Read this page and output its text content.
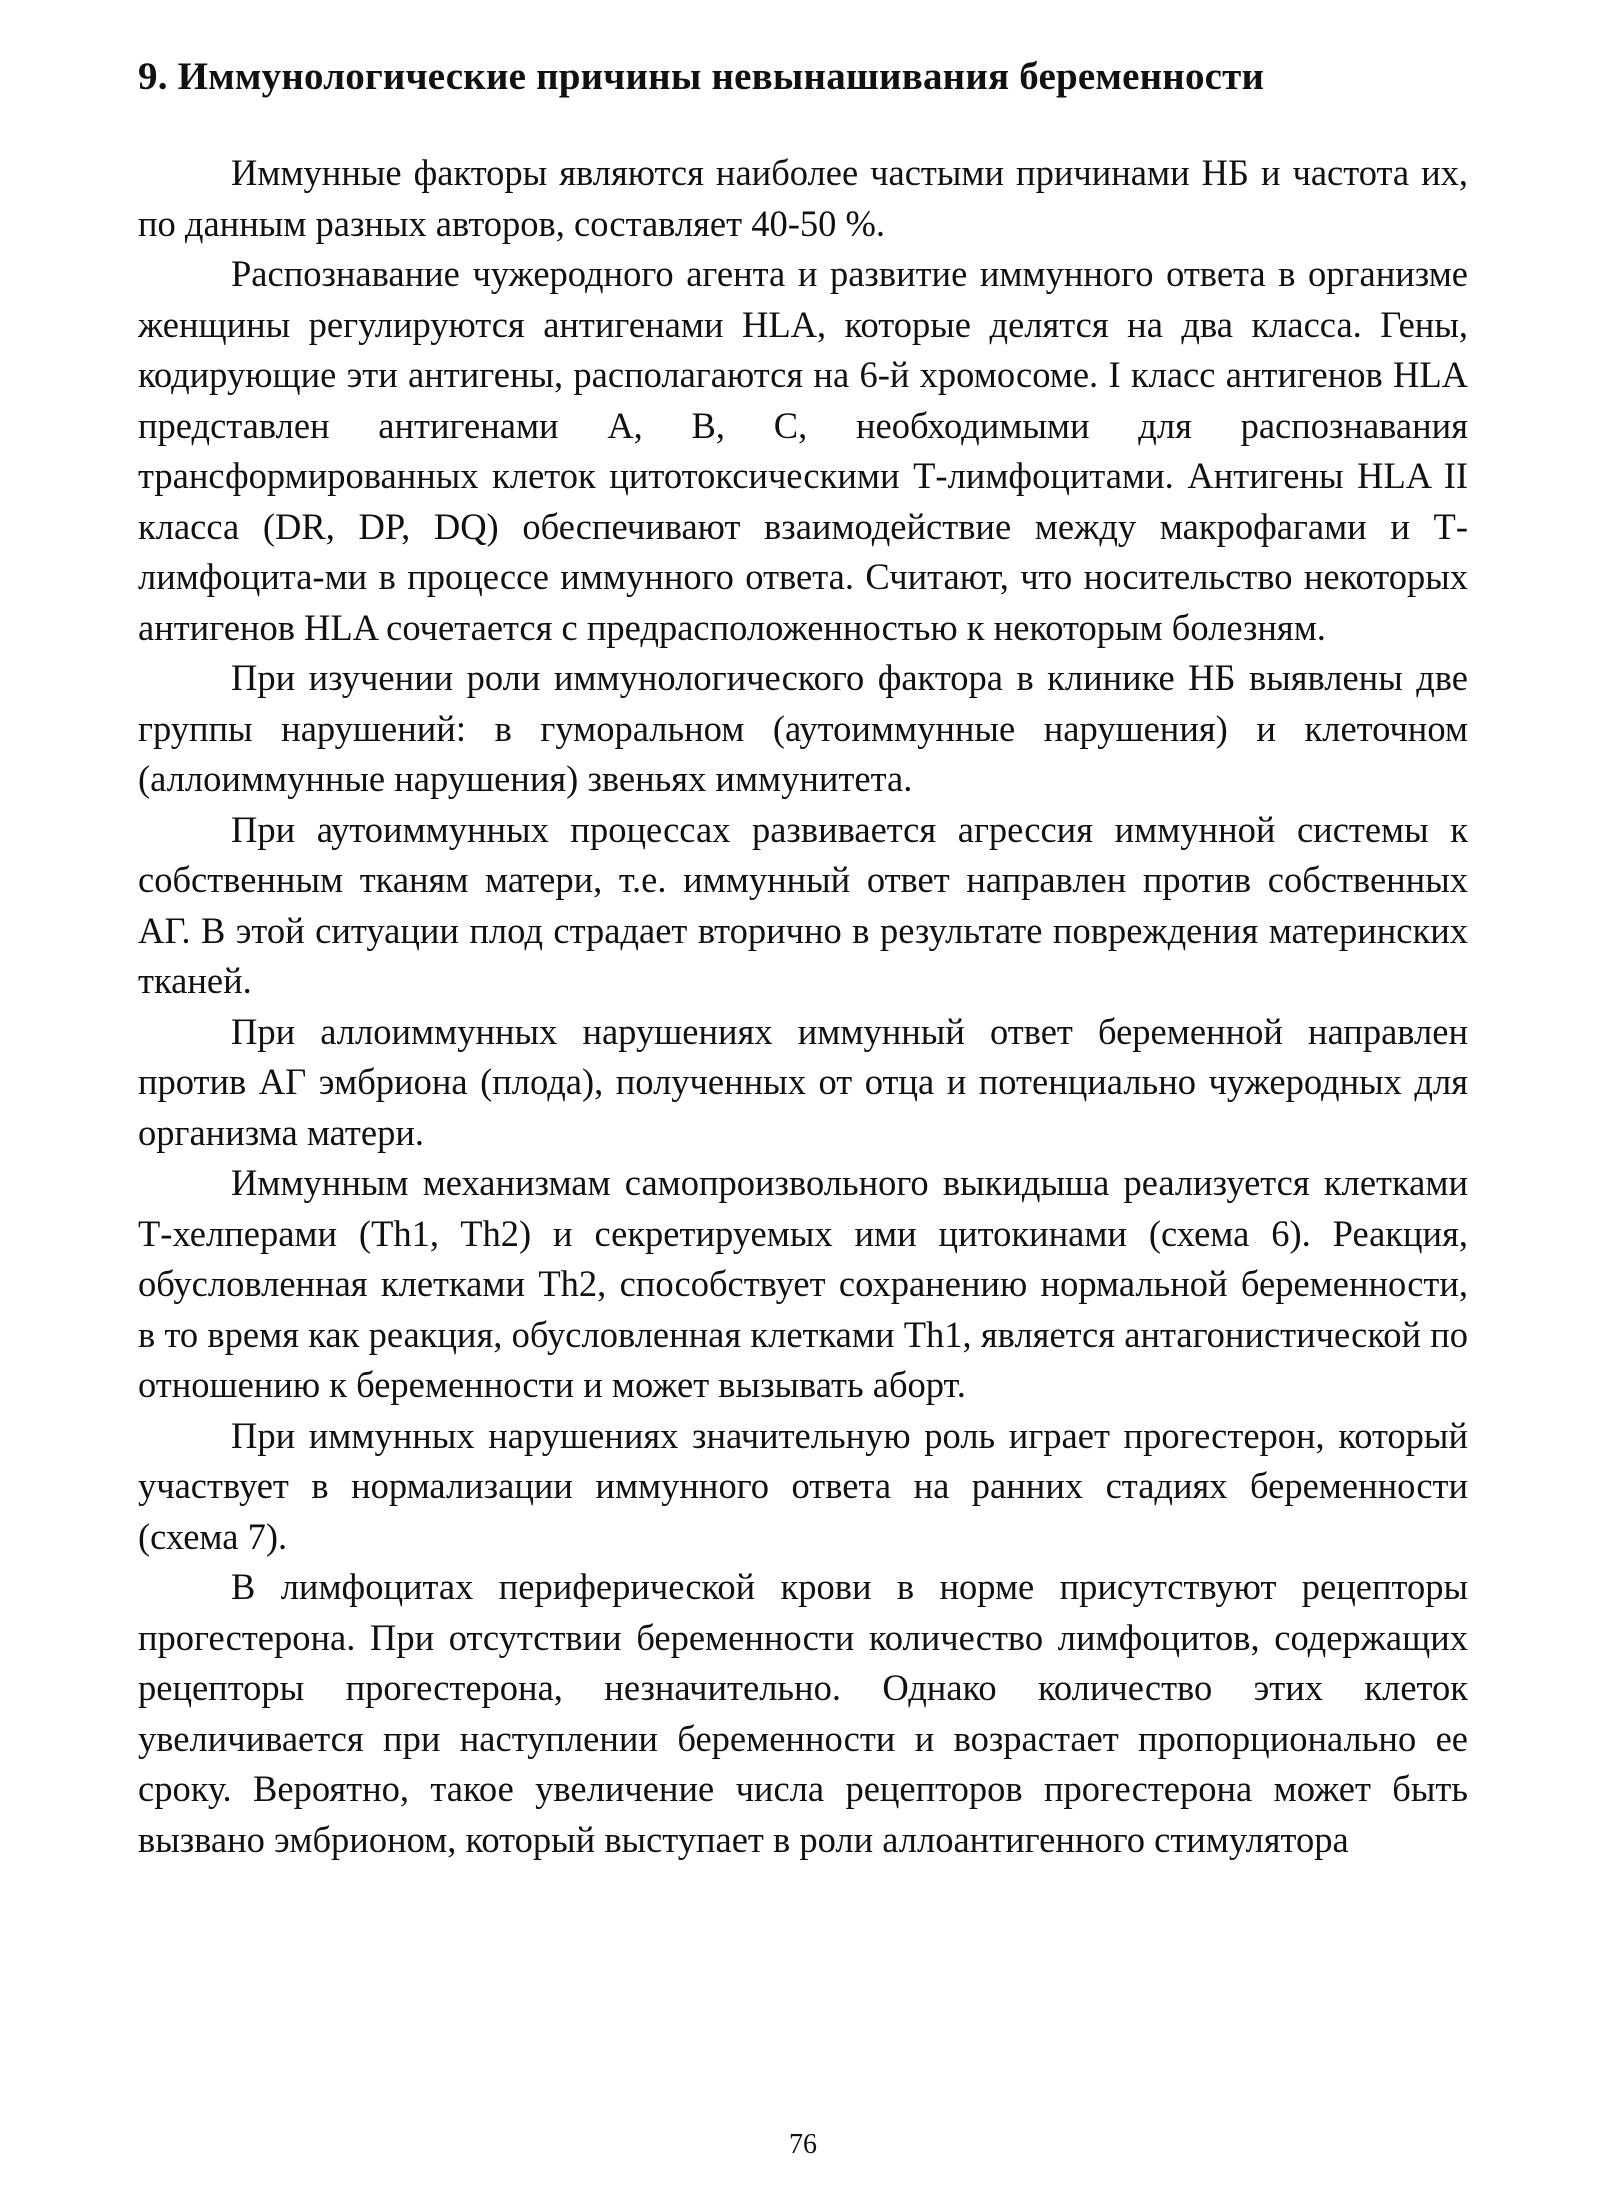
9. Иммунологические причины невынашивания беременности

Иммунные факторы являются наиболее частыми причинами НБ и частота их, по данным разных авторов, составляет 40-50 %.

Распознавание чужеродного агента и развитие иммунного ответа в организме женщины регулируются антигенами HLA, которые делятся на два класса. Гены, кодирующие эти антигены, располагаются на 6-й хромосоме. I класс антигенов HLA представлен антигенами А, В, С, необходимыми для распознавания трансформированных клеток цитотоксическими Т-лимфоцитами. Антигены HLA II класса (DR, DP, DQ) обеспечивают взаимодействие между макрофагами и Т-лимфоцита-ми в процессе иммунного ответа. Считают, что носительство некоторых антигенов HLA сочетается с предрасположенностью к некоторым болезням.

При изучении роли иммунологического фактора в клинике НБ выявлены две группы нарушений: в гуморальном (аутоиммунные нарушения) и клеточном (аллоиммунные нарушения) звеньях иммунитета.

При аутоиммунных процессах развивается агрессия иммунной системы к собственным тканям матери, т.е. иммунный ответ направлен против собственных АГ. В этой ситуации плод страдает вторично в результате повреждения материнских тканей.

При аллоиммунных нарушениях иммунный ответ беременной направлен против АГ эмбриона (плода), полученных от отца и потенциально чужеродных для организма матери.

Иммунным механизмам самопроизвольного выкидыша реализуется клетками Т-хелперами (Th1, Th2) и секретируемых ими цитокинами (схема 6). Реакция, обусловленная клетками Th2, способствует сохранению нормальной беременности, в то время как реакция, обусловленная клетками Th1, является антагонистической по отношению к беременности и может вызывать аборт.

При иммунных нарушениях значительную роль играет прогестерон, который участвует в нормализации иммунного ответа на ранних стадиях беременности (схема 7).

В лимфоцитах периферической крови в норме присутствуют рецепторы прогестерона. При отсутствии беременности количество лимфоцитов, содержащих рецепторы прогестерона, незначительно. Однако количество этих клеток увеличивается при наступлении беременности и возрастает пропорционально ее сроку. Вероятно, такое увеличение числа рецепторов прогестерона может быть вызвано эмбрионом, который выступает в роли аллоантигенного стимулятора

76
